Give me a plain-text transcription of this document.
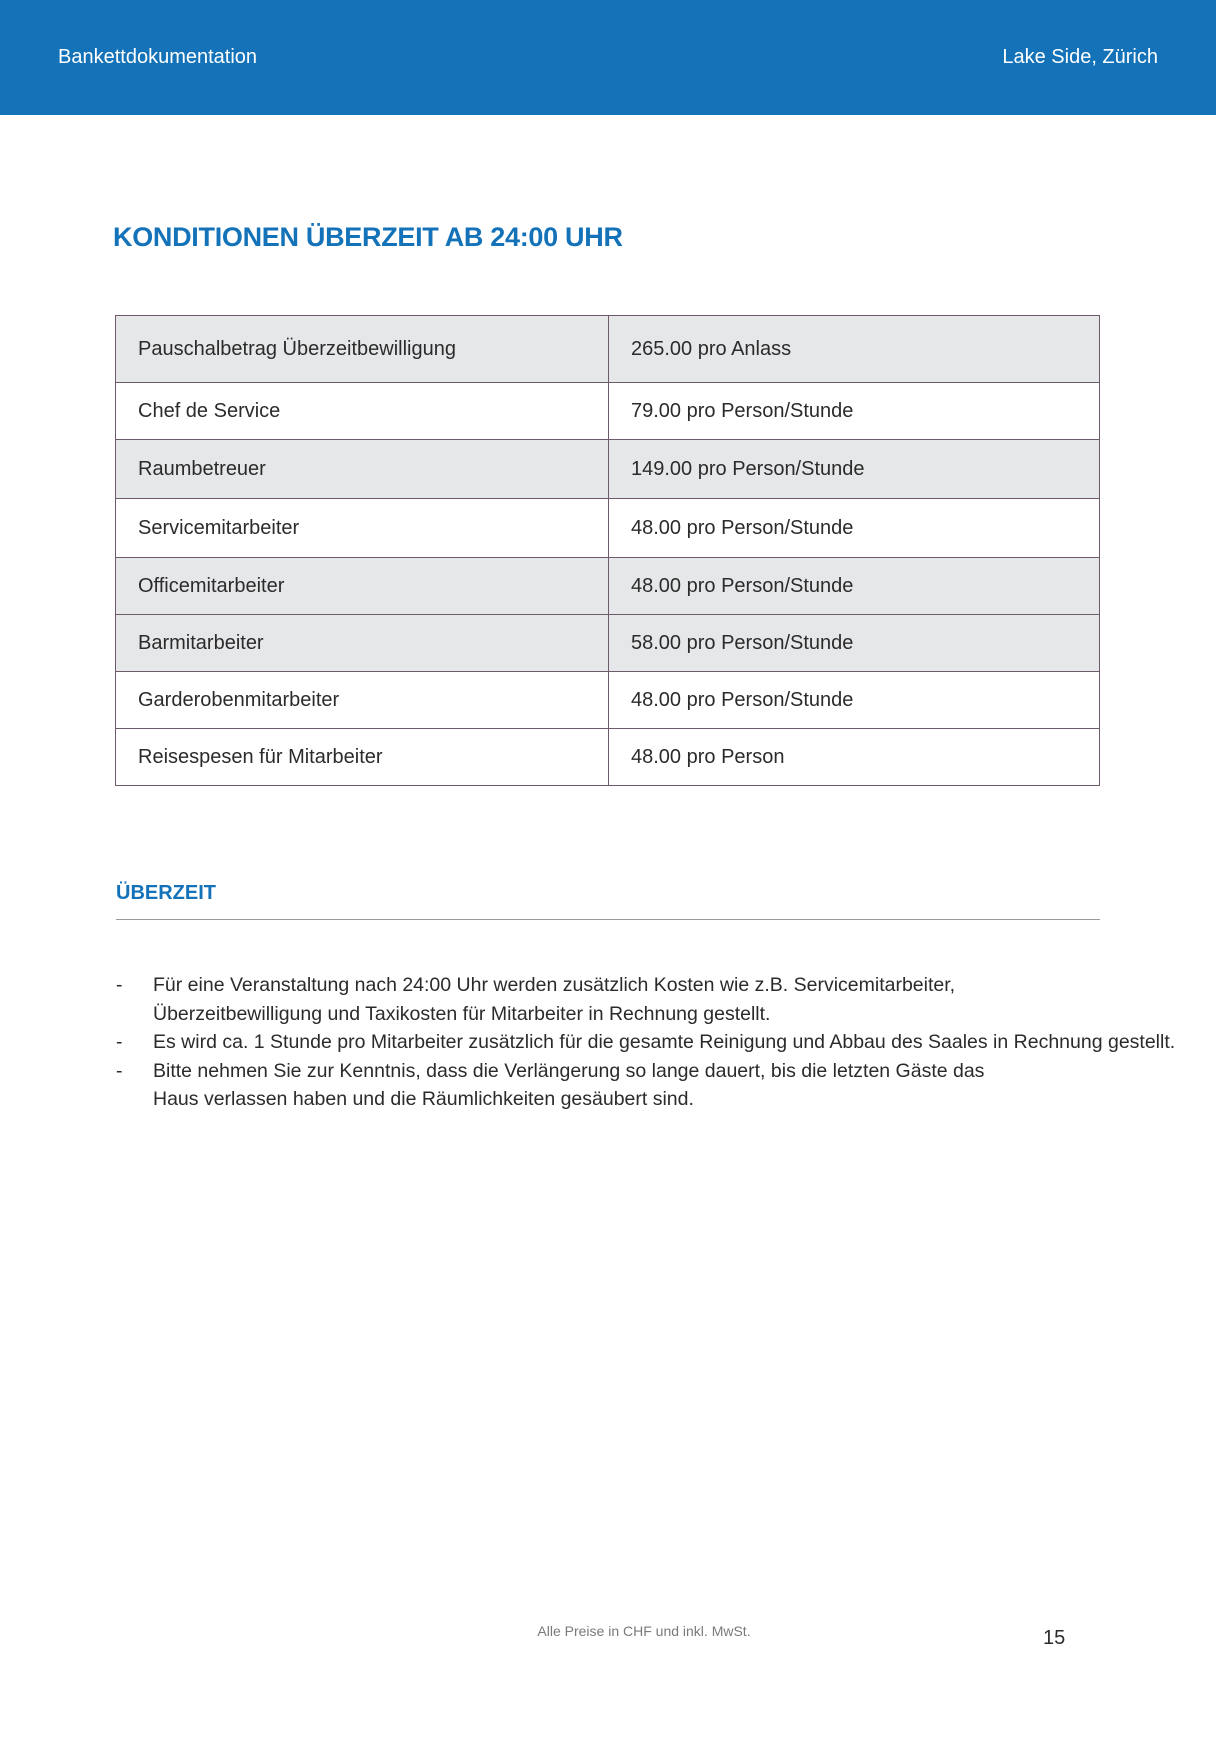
Bankettdokumentation	Lake Side, Zürich
KONDITIONEN ÜBERZEIT AB 24:00 UHR
Pauschalbetrag Überzeitbewilligung	265.00 pro Anlass
Chef de Service	79.00 pro Person/Stunde
Raumbetreuer	149.00 pro Person/Stunde
Servicemitarbeiter	48.00 pro Person/Stunde
Officemitarbeiter	48.00 pro Person/Stunde
Barmitarbeiter	58.00 pro Person/Stunde
Garderobenmitarbeiter	48.00 pro Person/Stunde
Reisespesen für Mitarbeiter	48.00 pro Person
ÜBERZEIT
- Für eine Veranstaltung nach 24:00 Uhr werden zusätzlich Kosten wie z.B. Servicemitarbeiter,
Überzeitbewilligung und Taxikosten für Mitarbeiter in Rechnung gestellt.
- Es wird ca. 1 Stunde pro Mitarbeiter zusätzlich für die gesamte Reinigung und Abbau des Saales in Rechnung gestellt.
- Bitte nehmen Sie zur Kenntnis, dass die Verlängerung so lange dauert, bis die letzten Gäste das
Haus verlassen haben und die Räumlichkeiten gesäubert sind.
Alle Preise in CHF und inkl. MwSt.	15
